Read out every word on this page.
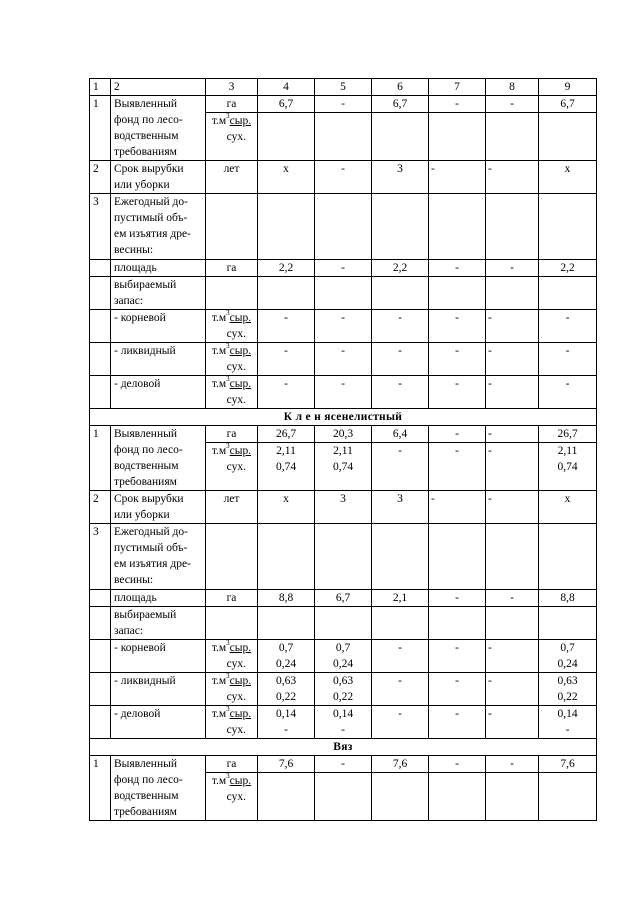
1	2	3	4	5	6	7	8	9
1	Выявленный
фонд по лесо-
водственным
требованиям	га	6,7	-	6,7	-	-	6,7

		$т.м^3сыр$.
сух.						

2	Срок вырубки
или уборки	лет	х	-	3	-	-	х
3	Ежегодный до-
пустимый объ-
ем изъятия дре-
весины:							

	площадь	га	2,2	-	2,2	-	-	2,2

	выбираемый
запас:							

	- корневой	$т.м^3сыр$.
сух.	-	-	-	-	-	-
	- ликвидный	$т.м^3сыр$.
сух.	-	-	-	-	-	-
	- деловой	$т.м^3сыр$.
сух.	-	-	-	-	-	-
К л е н ясенелистный								
1	Выявленный
фонд по лесо-
водственным
требованиям	га	26,7	20,3	6,4	-	-	26,7

		$т.м^3сыр$.
сух.	2,11
0,74	2,11
0,74	-	-	-	2,11
0,74

2	Срок вырубки
или уборки	лет	х	3	3	-	-	х
3	Ежегодный до-
пустимый объ-
ем изъятия дре-
весины:							

	площадь	га	8,8	6,7	2,1	-	-	8,8

	выбираемый
запас:							

	- корневой	$т.м^3сыр$.
сух.	0,7
0,24	0,7
0,24	-	-	-	0,7
0,24

	- ликвидный	$т.м^3сыр$.
сух.	0,63
0,22	0,63
0,22	-	-	-	0,63
0,22

	- деловой	$т.м^3сыр$.
сух.	0,14
-	0,14
-	-	-	-	0,14
-

Вяз								
1	Выявленный
фонд по лесо-
водственным
требованиям	га	7,6	-	7,6	-	-	7,6

		$т.м^3сыр$.
сух.						
